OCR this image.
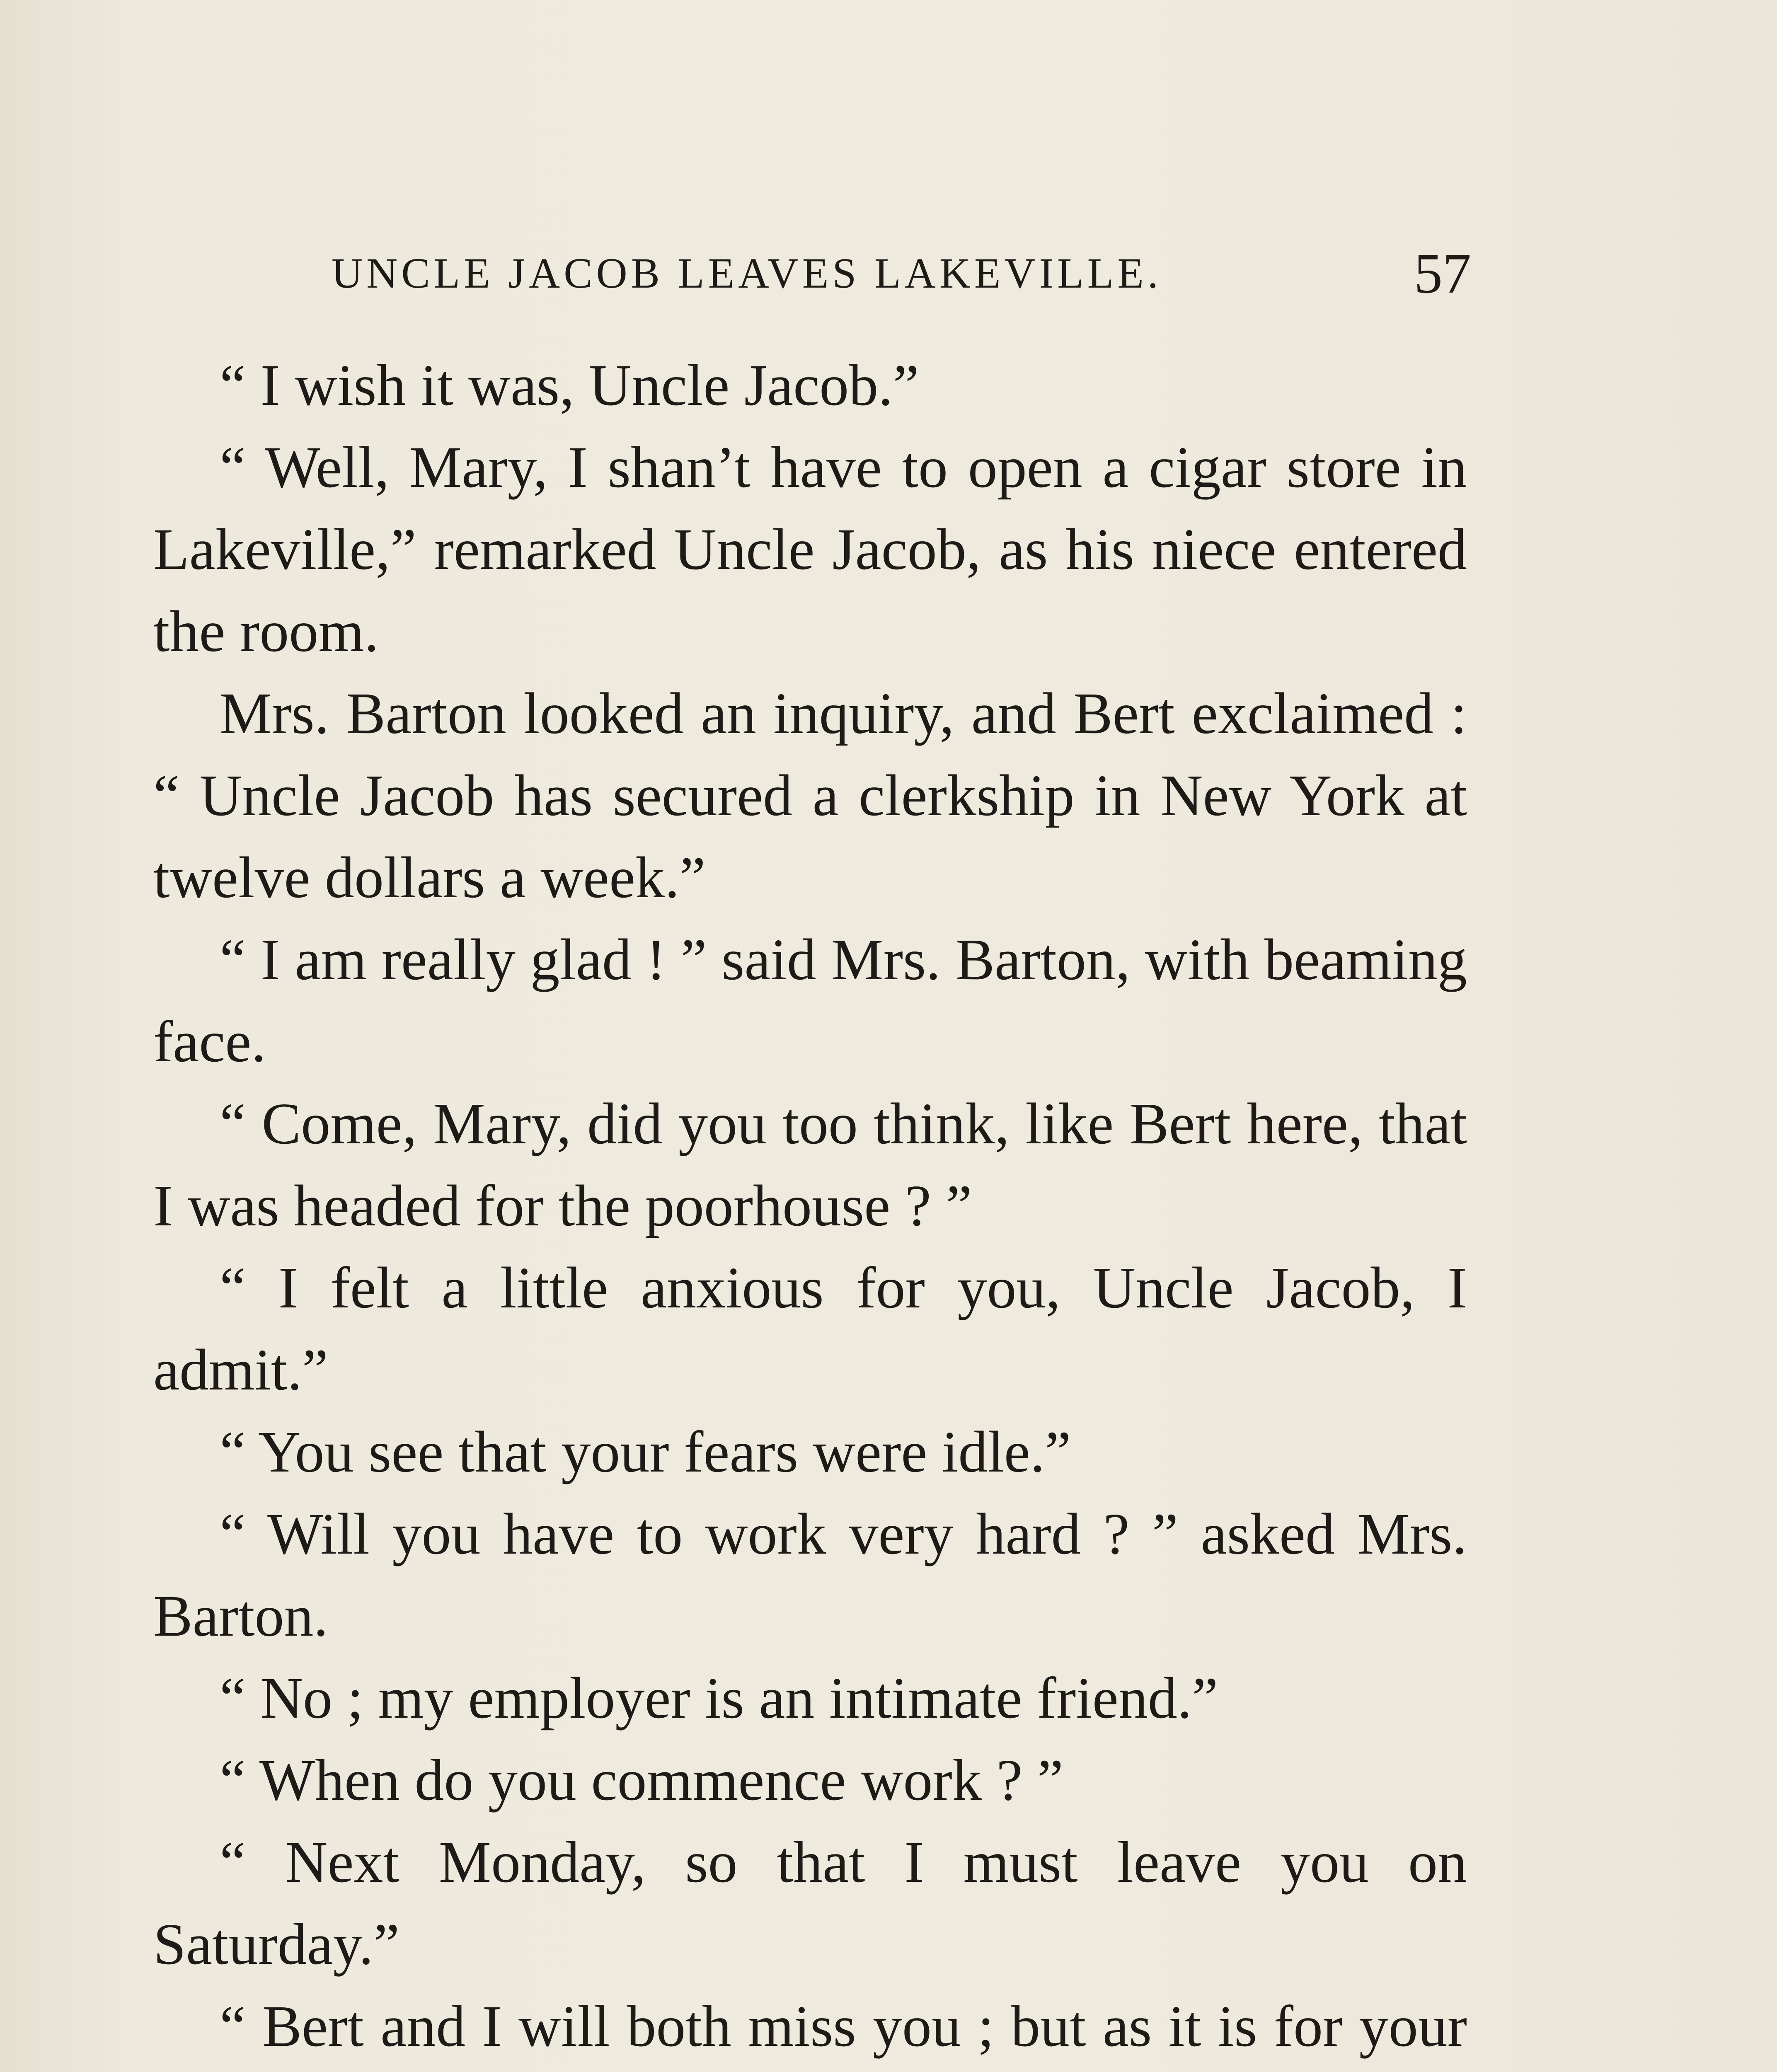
UNCLE JACOB LEAVES LAKEVILLE.	57

“ I wish it was, Uncle Jacob.”

“ Well, Mary, I shan’t have to open a cigar store in Lakeville,” remarked Uncle Jacob, as his niece entered the room.

Mrs. Barton looked an inquiry, and Bert exclaimed : “ Uncle Jacob has secured a clerkship in New York at twelve dollars a week.”

“ I am really glad ! ” said Mrs. Barton, with beaming face.

“ Come, Mary, did you too think, like Bert here, that I was headed for the poorhouse ? ”

“ I felt a little anxious for you, Uncle Jacob, I admit.”

“ You see that your fears were idle.”

“ Will you have to work very hard ? ” asked Mrs. Barton.

“ No ; my employer is an intimate friend.”

“ When do you commence work ? ”

“ Next Monday, so that I must leave you on Saturday.”

“ Bert and I will both miss you ; but as it is for your
